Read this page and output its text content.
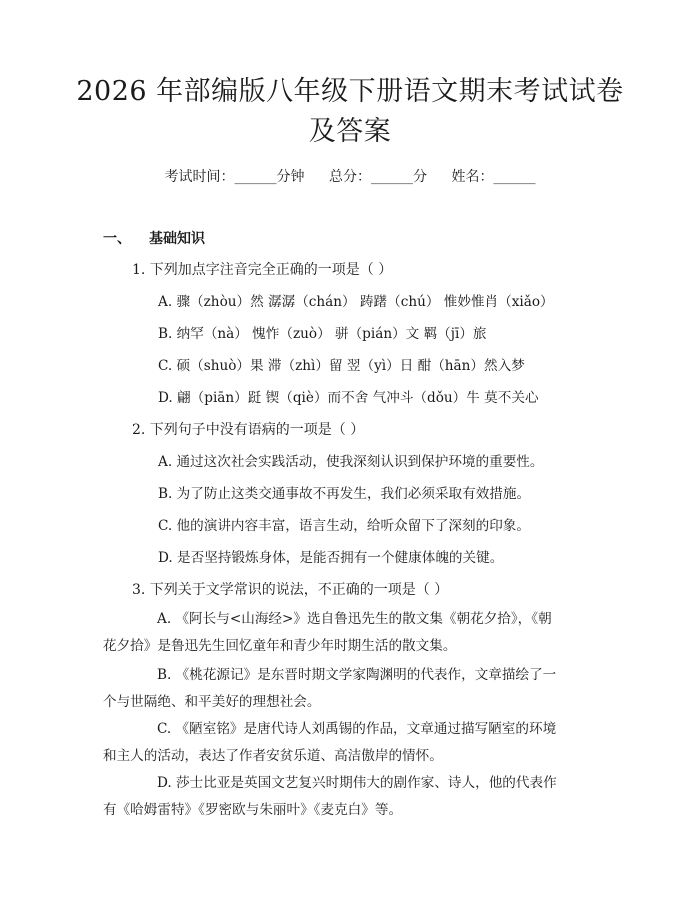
2026 年部编版八年级下册语文期末考试试卷
及答案
考试时间：______分钟 总分：______分 姓名：______
一、 基础知识
1. 下列加点字注音完全正确的一项是（ ）
A. 骤（zhòu）然 潺潺（chán） 踌躇（chú） 惟妙惟肖（xiǎo）
B. 纳罕（nà） 愧怍（zuò） 骈（pián）文 羁（jī）旅
C. 硕（shuò）果 滞（zhì）留 翌（yì）日 酣（hān）然入梦
D. 翩（piān）跹 锲（qiè）而不舍 气冲斗（dǒu）牛 莫不关心
2. 下列句子中没有语病的一项是（ ）
A. 通过这次社会实践活动，使我深刻认识到保护环境的重要性。
B. 为了防止这类交通事故不再发生，我们必须采取有效措施。
C. 他的演讲内容丰富，语言生动，给听众留下了深刻的印象。
D. 是否坚持锻炼身体，是能否拥有一个健康体魄的关键。
3. 下列关于文学常识的说法，不正确的一项是（ ）
A. 《阿长与<山海经>》选自鲁迅先生的散文集《朝花夕拾》，《朝花夕拾》是鲁迅先生回忆童年和青少年时期生活的散文集。
B. 《桃花源记》是东晋时期文学家陶渊明的代表作，文章描绘了一个与世隔绝、和平美好的理想社会。
C. 《陋室铭》是唐代诗人刘禹锡的作品，文章通过描写陋室的环境和主人的活动，表达了作者安贫乐道、高洁傲岸的情怀。
D. 莎士比亚是英国文艺复兴时期伟大的剧作家、诗人，他的代表作有《哈姆雷特》《罗密欧与朱丽叶》《麦克白》等。
